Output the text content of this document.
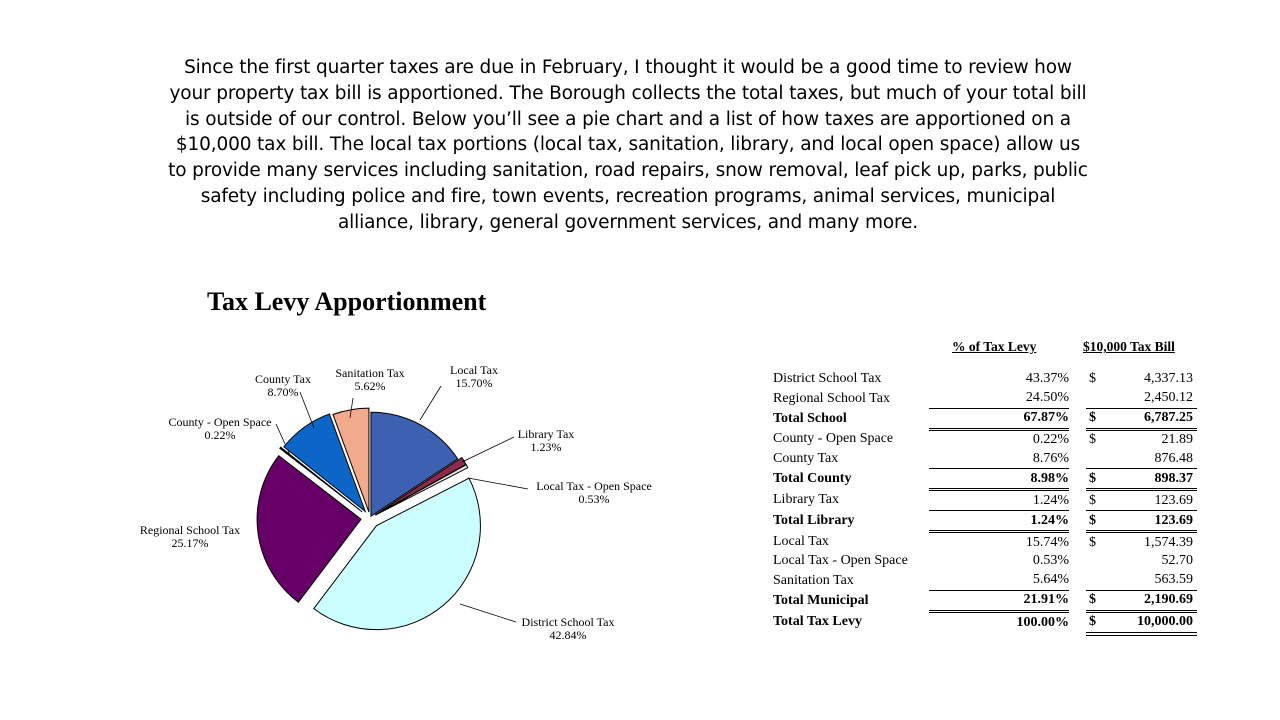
Since the first quarter taxes are due in February, I thought it would be a good time to review how your property tax bill is apportioned. The Borough collects the total taxes, but much of your total bill is outside of our control. Below you’ll see a pie chart and a list of how taxes are apportioned on a $10,000 tax bill. The local tax portions (local tax, sanitation, library, and local open space) allow us to provide many services including sanitation, road repairs, snow removal, leaf pick up, parks, public safety including police and fire, town events, recreation programs, animal services, municipal alliance, library, general government services, and many more.

Tax Levy Apportionment
Local Tax
15.70%
Library Tax
1.23%
Local Tax - Open Space
0.53%
District School Tax
42.84%
Regional School Tax
25.17%
County - Open Space
0.22%
County Tax
8.70%
Sanitation Tax
5.62%
% of Tax Levy	$10,000 Tax Bill
District School Tax	43.37%		$	4,337.13
Regional School Tax	24.50%			2,450.12
Total School	67.87%		$	6,787.25
County - Open Space	0.22%		$	21.89
County Tax	8.76%			876.48
Total County	8.98%		$	898.37
Library Tax	1.24%		$	123.69
Total Library	1.24%		$	123.69
Local Tax	15.74%		$	1,574.39
Local Tax - Open Space	0.53%			52.70
Sanitation Tax	5.64%			563.59
Total Municipal	21.91%		$	2,190.69
Total Tax Levy	100.00%		$	10,000.00
